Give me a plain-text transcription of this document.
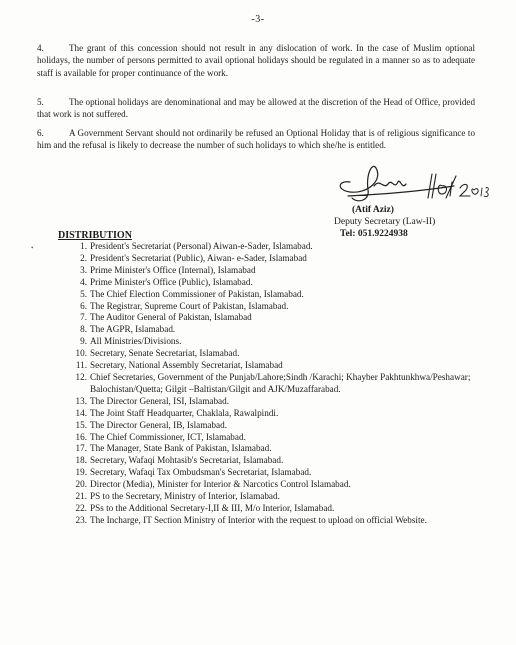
-3-
4.	The grant of this concession should not result in any dislocation of work. In the case of Muslim optional holidays, the number of persons permitted to avail optional holidays should be regulated in a manner so as to adequate staff is available for proper continuance of the work.
5.	The optional holidays are denominational and may be allowed at the discretion of the Head of Office, provided that work is not suffered.
6.	A Government Servant should not ordinarily be refused an Optional Holiday that is of religious significance to him and the refusal is likely to decrease the number of such holidays to which she/he is entitled.
(Atif Aziz)
Deputy Secretary (Law-II)
Tel: 051.9224938
•
DISTRIBUTION
1 . President's Secretariat (Personal) Aiwan-e-Sader, Islamabad.
2 . President's Secretariat (Public), Aiwan- e-Sader, Islamabad
3 . Prime Minister's Office (Internal), Islamabad
4 . Prime Minister's Office (Public), Islamabad.
5 . The Chief Election Commissioner of Pakistan, Islamabad.
6 . The Registrar, Supreme Court of Pakistan, Islamabad.
7 . The Auditor General of Pakistan, Islamabad
8 . The AGPR, Islamabad.
9 . All Ministries/Divisions.
10 . Secretary, Senate Secretariat, Islamabad.
11 . Secretary, National Assembly Secretariat, Islamabad
12 . Chief Secretaries, Government of the Punjab/Lahore;Sindh /Karachi; Khayber Pakhtunkhwa/Peshawar; Balochistan/Quetta; Gilgit –Baltistan/Gilgit and AJK/Muzaffarabad.
13 . The Director General, ISI, Islamabad.
14 . The Joint Staff Headquarter, Chaklala, Rawalpindi.
15 . The Director General, IB, Islamabad.
16 . The Chief Commissioner, ICT, Islamabad.
17 . The Manager, State Bank of Pakistan, Islamabad.
18 . Secretary, Wafaqi Mohtasib's Secretariat, Islamabad.
19 . Secretary, Wafaqi Tax Ombudsman's Secretariat, Islamabad.
20 . Director (Media), Minister for Interior & Narcotics Control Islamabad.
21 . PS to the Secretary, Ministry of Interior, Islamabad.
22 . PSs to the Additional Secretary-I,II & III, M/o Interior, Islamabad.
23 . The Incharge, IT Section Ministry of Interior with the request to upload on official Website.
